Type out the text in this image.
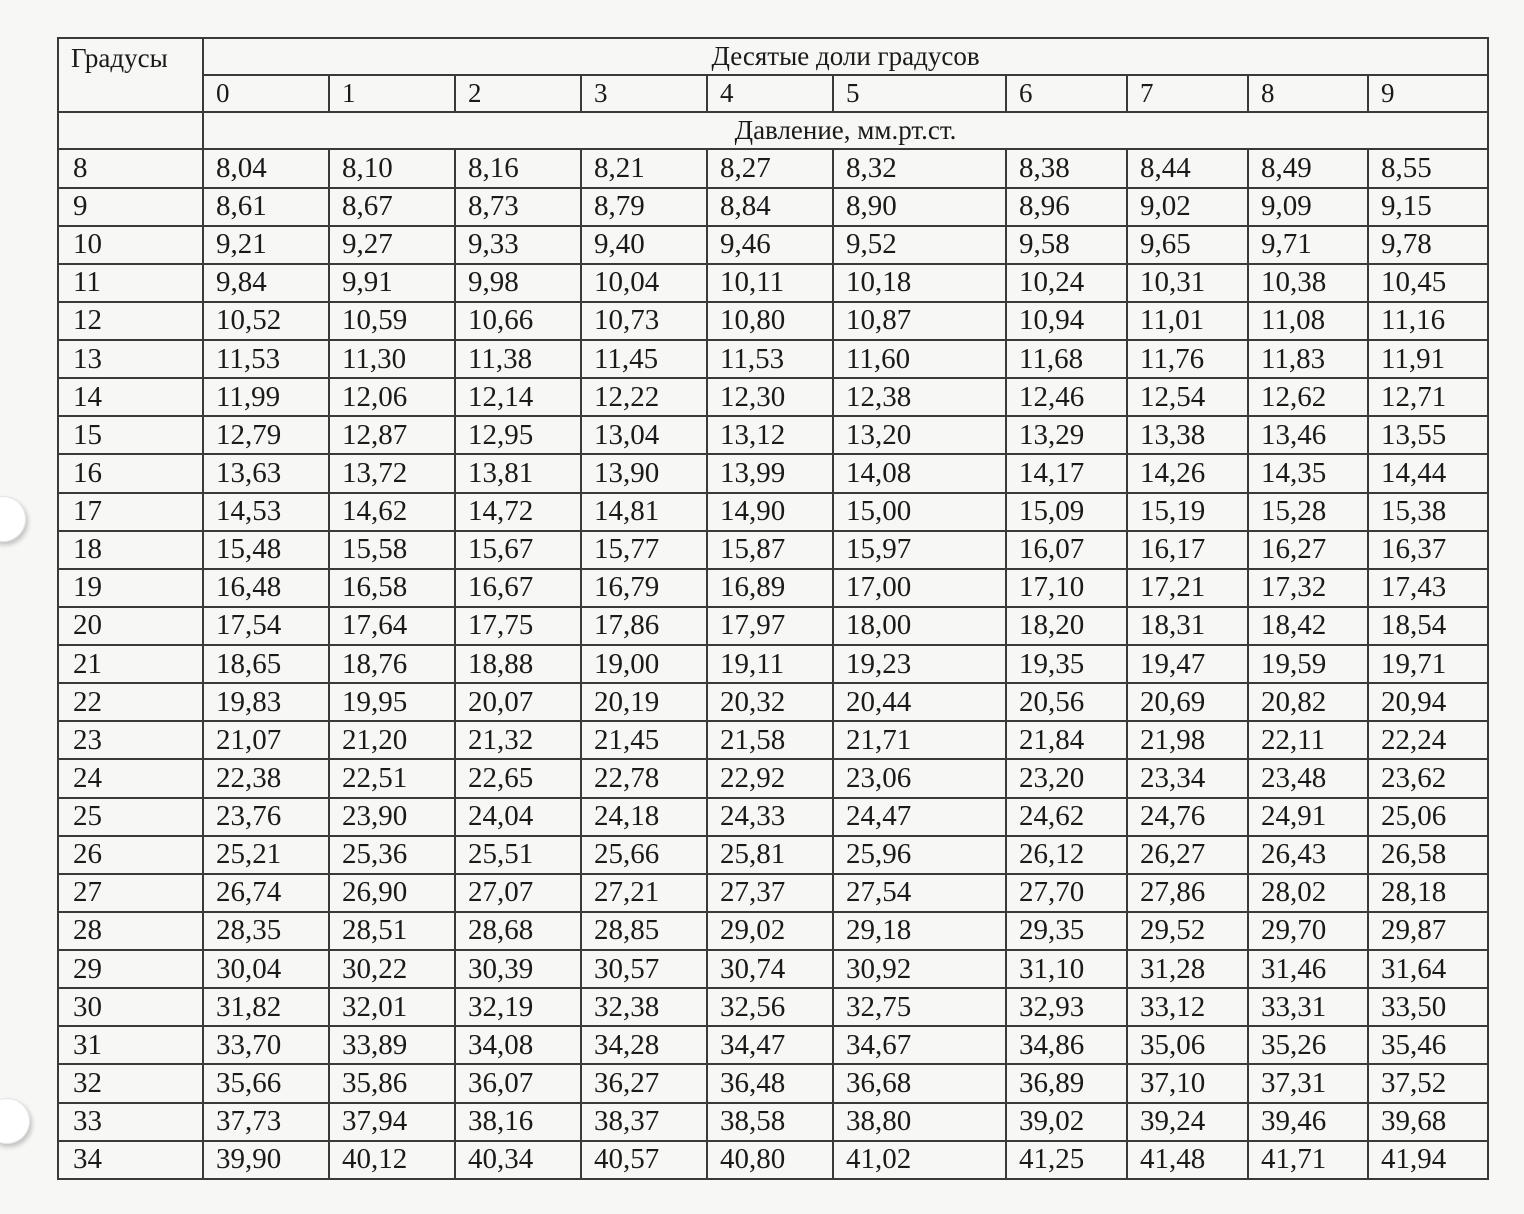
Градусы	Десятые доли градусов									
	0	1	2	3	4	5	6	7	8	9
	Давление, мм.рт.ст.									
8	8,04	8,10	8,16	8,21	8,27	8,32	8,38	8,44	8,49	8,55
9	8,61	8,67	8,73	8,79	8,84	8,90	8,96	9,02	9,09	9,15
10	9,21	9,27	9,33	9,40	9,46	9,52	9,58	9,65	9,71	9,78
11	9,84	9,91	9,98	10,04	10,11	10,18	10,24	10,31	10,38	10,45
12	10,52	10,59	10,66	10,73	10,80	10,87	10,94	11,01	11,08	11,16
13	11,53	11,30	11,38	11,45	11,53	11,60	11,68	11,76	11,83	11,91
14	11,99	12,06	12,14	12,22	12,30	12,38	12,46	12,54	12,62	12,71
15	12,79	12,87	12,95	13,04	13,12	13,20	13,29	13,38	13,46	13,55
16	13,63	13,72	13,81	13,90	13,99	14,08	14,17	14,26	14,35	14,44
17	14,53	14,62	14,72	14,81	14,90	15,00	15,09	15,19	15,28	15,38
18	15,48	15,58	15,67	15,77	15,87	15,97	16,07	16,17	16,27	16,37
19	16,48	16,58	16,67	16,79	16,89	17,00	17,10	17,21	17,32	17,43
20	17,54	17,64	17,75	17,86	17,97	18,00	18,20	18,31	18,42	18,54
21	18,65	18,76	18,88	19,00	19,11	19,23	19,35	19,47	19,59	19,71
22	19,83	19,95	20,07	20,19	20,32	20,44	20,56	20,69	20,82	20,94
23	21,07	21,20	21,32	21,45	21,58	21,71	21,84	21,98	22,11	22,24
24	22,38	22,51	22,65	22,78	22,92	23,06	23,20	23,34	23,48	23,62
25	23,76	23,90	24,04	24,18	24,33	24,47	24,62	24,76	24,91	25,06
26	25,21	25,36	25,51	25,66	25,81	25,96	26,12	26,27	26,43	26,58
27	26,74	26,90	27,07	27,21	27,37	27,54	27,70	27,86	28,02	28,18
28	28,35	28,51	28,68	28,85	29,02	29,18	29,35	29,52	29,70	29,87
29	30,04	30,22	30,39	30,57	30,74	30,92	31,10	31,28	31,46	31,64
30	31,82	32,01	32,19	32,38	32,56	32,75	32,93	33,12	33,31	33,50
31	33,70	33,89	34,08	34,28	34,47	34,67	34,86	35,06	35,26	35,46
32	35,66	35,86	36,07	36,27	36,48	36,68	36,89	37,10	37,31	37,52
33	37,73	37,94	38,16	38,37	38,58	38,80	39,02	39,24	39,46	39,68
34	39,90	40,12	40,34	40,57	40,80	41,02	41,25	41,48	41,71	41,94
